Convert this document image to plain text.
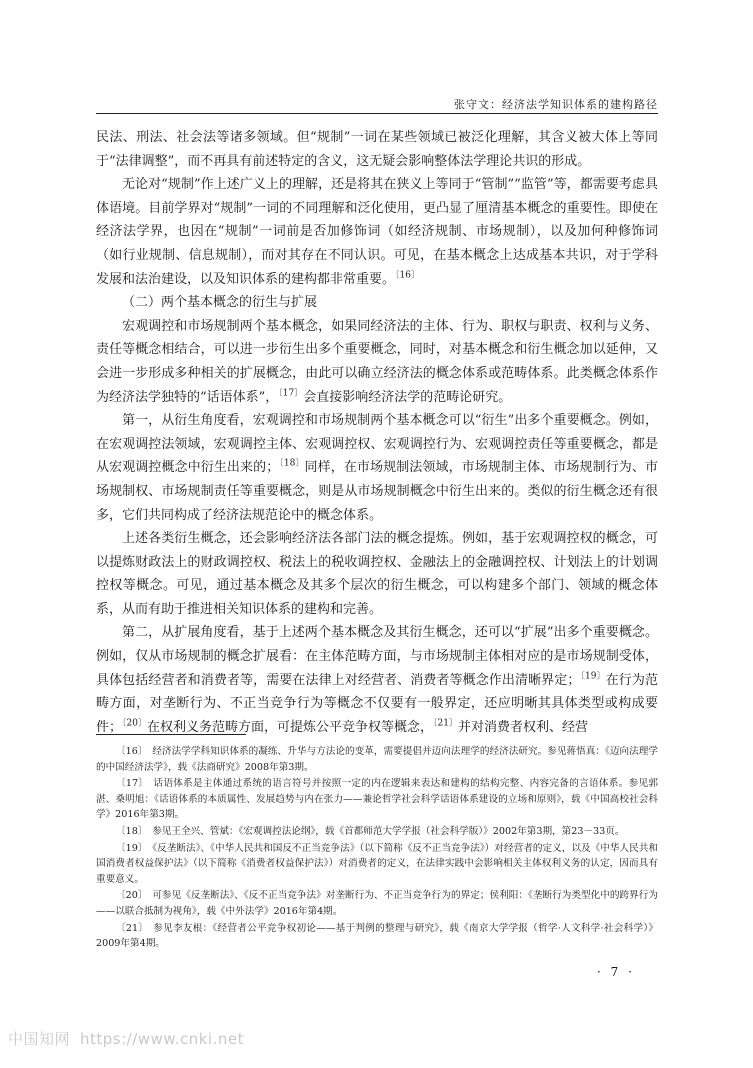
张守文：经济法学知识体系的建构路径

民法、刑法、社会法等诸多领域。但“规制”一词在某些领域已被泛化理解，其含义被大体上等同于“法律调整”，而不再具有前述特定的含义，这无疑会影响整体法学理论共识的形成。

无论对“规制”作上述广义上的理解，还是将其在狭义上等同于“管制”“监管”等，都需要考虑具体语境。目前学界对“规制”一词的不同理解和泛化使用，更凸显了厘清基本概念的重要性。即使在经济法学界，也因在“规制”一词前是否加修饰词（如经济规制、市场规制），以及加何种修饰词（如行业规制、信息规制），而对其存在不同认识。可见，在基本概念上达成基本共识，对于学科发展和法治建设，以及知识体系的建构都非常重要。$^{〔16〕}$

（二）两个基本概念的衍生与扩展

宏观调控和市场规制两个基本概念，如果同经济法的主体、行为、职权与职责、权利与义务、责任等概念相结合，可以进一步衍生出多个重要概念，同时，对基本概念和衍生概念加以延伸，又会进一步形成多种相关的扩展概念，由此可以确立经济法的概念体系或范畴体系。此类概念体系作为经济法学独特的“话语体系”，$^{〔17〕}$会直接影响经济法学的范畴论研究。

第一，从衍生角度看，宏观调控和市场规制两个基本概念可以“衍生”出多个重要概念。例如，在宏观调控法领域，宏观调控主体、宏观调控权、宏观调控行为、宏观调控责任等重要概念，都是从宏观调控概念中衍生出来的；$^{〔18〕}$同样，在市场规制法领域，市场规制主体、市场规制行为、市场规制权、市场规制责任等重要概念，则是从市场规制概念中衍生出来的。类似的衍生概念还有很多，它们共同构成了经济法规范论中的概念体系。

上述各类衍生概念，还会影响经济法各部门法的概念提炼。例如，基于宏观调控权的概念，可以提炼财政法上的财政调控权、税法上的税收调控权、金融法上的金融调控权、计划法上的计划调控权等概念。可见，通过基本概念及其多个层次的衍生概念，可以构建多个部门、领域的概念体系，从而有助于推进相关知识体系的建构和完善。

第二，从扩展角度看，基于上述两个基本概念及其衍生概念，还可以“扩展”出多个重要概念。例如，仅从市场规制的概念扩展看：在主体范畴方面，与市场规制主体相对应的是市场规制受体，具体包括经营者和消费者等，需要在法律上对经营者、消费者等概念作出清晰界定；$^{〔19〕}$在行为范畴方面，对垄断行为、不正当竞争行为等概念不仅要有一般界定，还应明晰其具体类型或构成要件；$^{〔20〕}$在权利义务范畴方面，可提炼公平竞争权等概念，$^{〔21〕}$并对消费者权利、经营

〔16〕　经济法学学科知识体系的凝练、升华与方法论的变革，需要提倡并迈向法理学的经济法研究。参见蒋悟真：《迈向法理学的中国经济法学》，载《法商研究》2008年第3期。

〔17〕　话语体系是主体通过系统的语言符号并按照一定的内在逻辑来表达和建构的结构完整、内容完备的言语体系。参见郭湛、桑明旭：《话语体系的本质属性、发展趋势与内在张力——兼论哲学社会科学话语体系建设的立场和原则》，载《中国高校社会科学》2016年第3期。

〔18〕　参见王全兴、管斌：《宏观调控法论纲》，载《首都师范大学学报（社会科学版）》2002年第3期，第23－33页。

〔19〕　《反垄断法》、《中华人民共和国反不正当竞争法》（以下简称《反不正当竞争法》）对经营者的定义，以及《中华人民共和国消费者权益保护法》（以下简称《消费者权益保护法》）对消费者的定义，在法律实践中会影响相关主体权利义务的认定，因而具有重要意义。

〔20〕　可参见《反垄断法》、《反不正当竞争法》对垄断行为、不正当竞争行为的界定；侯利阳：《垄断行为类型化中的跨界行为——以联合抵制为视角》，载《中外法学》2016年第4期。

〔21〕　参见李友根：《经营者公平竞争权初论——基于判例的整理与研究》，载《南京大学学报（哲学·人文科学·社会科学）》2009年第4期。

· 7 ·
中国知网 https://www.cnki.net
